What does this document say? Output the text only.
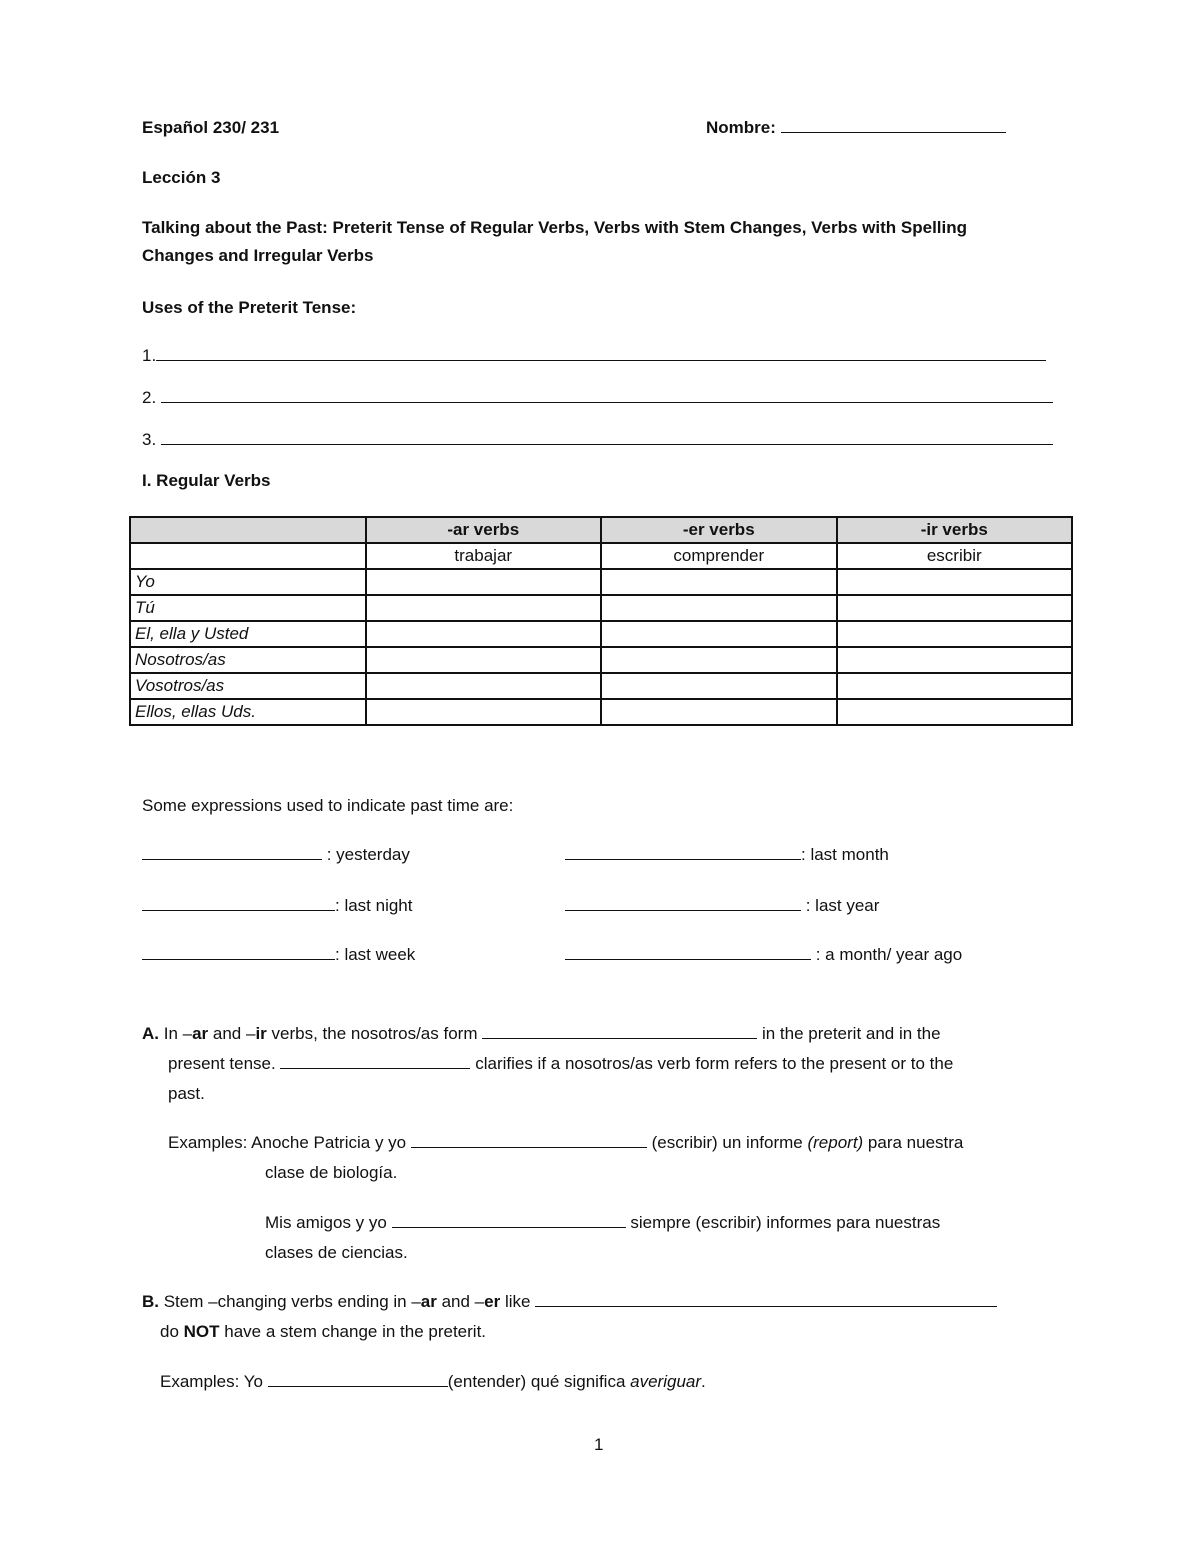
Español 230/ 231	Nombre:
Lección 3
Talking about the Past: Preterit Tense of Regular Verbs, Verbs with Stem Changes, Verbs with Spelling
Changes and Irregular Verbs
Uses of the Preterit Tense:
1.
2.
3.
I. Regular Verbs
	-ar verbs	-er verbs	-ir verbs
	trabajar	comprender	escribir
Yo			
Tú			
El, ella y Usted			
Nosotros/as			
Vosotros/as			
Ellos, ellas Uds.			
Some expressions used to indicate past time are:
: yesterday
: last night
: last week
: last month
: last year
: a month/ year ago
A. In –ar and –ir verbs, the nosotros/as form	in the preterit and in the
present tense.	clarifies if a nosotros/as verb form refers to the present or to the
past.
Examples: Anoche Patricia y yo	(escribir) un informe (report) para nuestra
clase de biología.
Mis amigos y yo	siempre (escribir) informes para nuestras
clases de ciencias.
B. Stem –changing verbs ending in –ar and –er like
do NOT have a stem change in the preterit.
Examples: Yo	(entender) qué significa averiguar.
1
